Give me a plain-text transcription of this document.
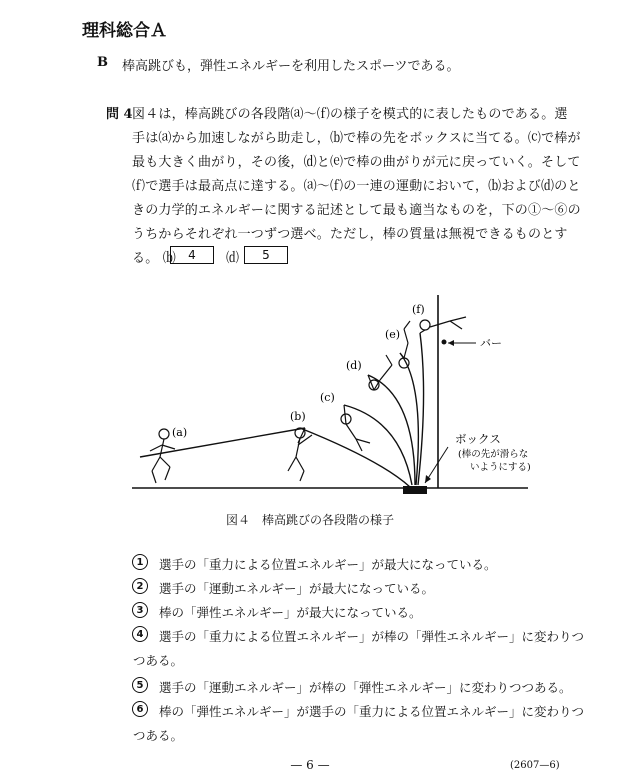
理科総合Ａ
B 棒高跳びも，弾性エネルギーを利用したスポーツである。
問 4 図４は，棒高跳びの各段階⒜〜⒡の様子を模式的に表したものである。選
手は⒜から加速しながら助走し，⒝で棒の先をボックスに当てる。⒞で棒が
最も大きく曲がり，その後，⒟と⒠で棒の曲がりが元に戻っていく。そして
⒡で選手は最高点に達する。⒜〜⒡の一連の運動において，⒝および⒟のと
きの力学的エネルギーに関する記述として最も適当なものを，下の①〜⑥の
うちからそれぞれ一つずつ選べ。ただし，棒の質量は無視できるものとす
る。 ⒝	4	⒟	5
バー
(a)
(b)
(c)
(d)
(e)
(f)
ボックス
(棒の先が滑らな
いようにする)
図４　棒高跳びの各段階の様子
1	選手の「重力による位置エネルギー」が最大になっている。
2	選手の「運動エネルギー」が最大になっている。
3	棒の「弾性エネルギー」が最大になっている。
4	選手の「重力による位置エネルギー」が棒の「弾性エネルギー」に変わりつ
つある。
5	選手の「運動エネルギー」が棒の「弾性エネルギー」に変わりつつある。
6	棒の「弾性エネルギー」が選手の「重力による位置エネルギー」に変わりつ
つある。
— 6 —	(2607—6)
